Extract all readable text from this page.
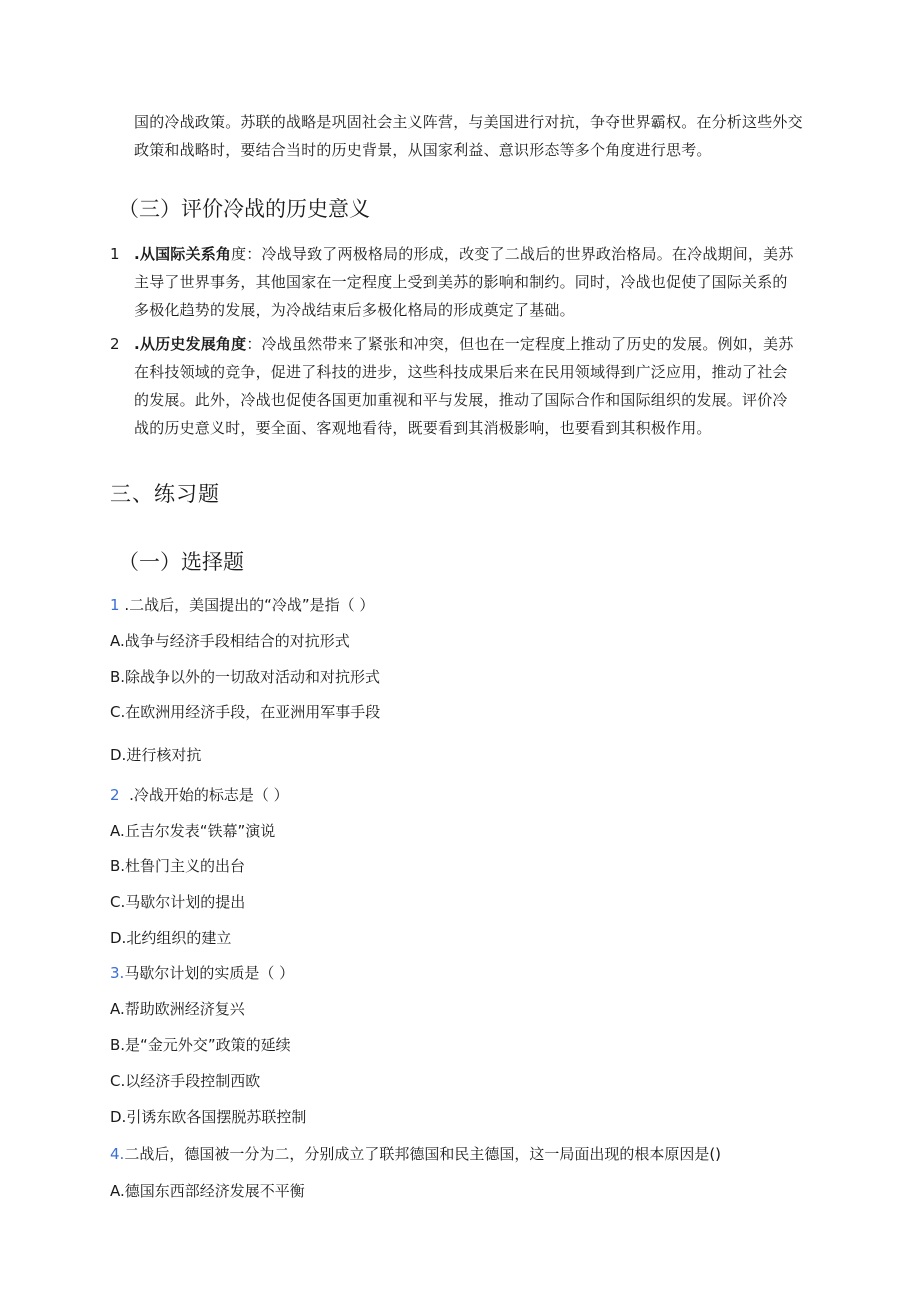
国的冷战政策。苏联的战略是巩固社会主义阵营，与美国进行对抗，争夺世界霸权。在分析这些外交
政策和战略时，要结合当时的历史背景，从国家利益、意识形态等多个角度进行思考。
（三）评价冷战的历史意义
1 .从国际关系角度：冷战导致了两极格局的形成，改变了二战后的世界政治格局。在冷战期间，美苏
主导了世界事务，其他国家在一定程度上受到美苏的影响和制约。同时，冷战也促使了国际关系的
多极化趋势的发展，为冷战结束后多极化格局的形成奠定了基础。
2 .从历史发展角度：冷战虽然带来了紧张和冲突，但也在一定程度上推动了历史的发展。例如，美苏
在科技领域的竞争，促进了科技的进步，这些科技成果后来在民用领域得到广泛应用，推动了社会
的发展。此外，冷战也促使各国更加重视和平与发展，推动了国际合作和国际组织的发展。评价冷
战的历史意义时，要全面、客观地看待，既要看到其消极影响，也要看到其积极作用。
三、练习题
（一）选择题
1 .二战后，美国提出的“冷战”是指（ ）
A.战争与经济手段相结合的对抗形式
B.除战争以外的一切敌对活动和对抗形式
C.在欧洲用经济手段，在亚洲用军事手段
D.进行核对抗
2  .冷战开始的标志是（ ）
A.丘吉尔发表“铁幕”演说
B.杜鲁门主义的出台
C.马歇尔计划的提出
D.北约组织的建立
3.马歇尔计划的实质是（ ）
A.帮助欧洲经济复兴
B.是“金元外交”政策的延续
C.以经济手段控制西欧
D.引诱东欧各国摆脱苏联控制
4.二战后，德国被一分为二，分别成立了联邦德国和民主德国，这一局面出现的根本原因是()
A.德国东西部经济发展不平衡
